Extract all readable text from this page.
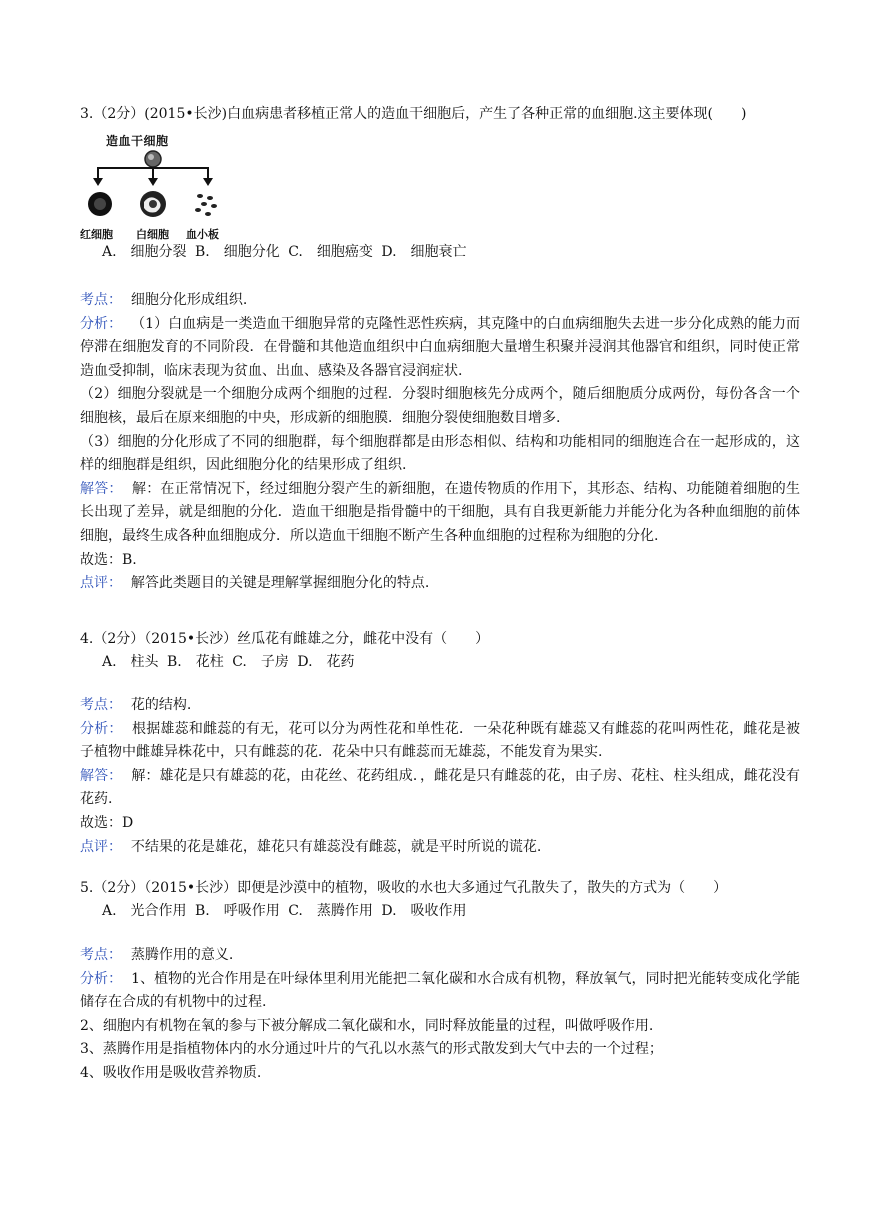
3.（2分）(2015•长沙)白血病患者移植正常人的造血干细胞后，产生了各种正常的血细胞.这主要体现(　　)
造血干细胞
红细胞 白细胞 血小板
A.　细胞分裂 B.　细胞分化 C.　细胞癌变 D.　细胞衰亡
考点： 细胞分化形成组织.
分析： （1）白血病是一类造血干细胞异常的克隆性恶性疾病，其克隆中的白血病细胞失去进一步分化成熟的能力而停滞在细胞发育的不同阶段．在骨髓和其他造血组织中白血病细胞大量增生积聚并浸润其他器官和组织，同时使正常造血受抑制，临床表现为贫血、出血、感染及各器官浸润症状.
（2）细胞分裂就是一个细胞分成两个细胞的过程．分裂时细胞核先分成两个，随后细胞质分成两份，每份各含一个细胞核，最后在原来细胞的中央，形成新的细胞膜．细胞分裂使细胞数目增多.
（3）细胞的分化形成了不同的细胞群，每个细胞群都是由形态相似、结构和功能相同的细胞连合在一起形成的，这样的细胞群是组织，因此细胞分化的结果形成了组织.
解答： 解：在正常情况下，经过细胞分裂产生的新细胞，在遗传物质的作用下，其形态、结构、功能随着细胞的生长出现了差异，就是细胞的分化．造血干细胞是指骨髓中的干细胞，具有自我更新能力并能分化为各种血细胞的前体细胞，最终生成各种血细胞成分．所以造血干细胞不断产生各种血细胞的过程称为细胞的分化.
故选：B.
点评： 解答此类题目的关键是理解掌握细胞分化的特点.
4.（2分）（2015•长沙）丝瓜花有雌雄之分，雌花中没有（　　）
A.　柱头 B.　花柱 C.　子房 D.　花药
考点： 花的结构.
分析： 根据雄蕊和雌蕊的有无，花可以分为两性花和单性花．一朵花种既有雄蕊又有雌蕊的花叫两性花，雌花是被子植物中雌雄异株花中，只有雌蕊的花．花朵中只有雌蕊而无雄蕊，不能发育为果实.
解答： 解：雄花是只有雄蕊的花，由花丝、花药组成．，雌花是只有雌蕊的花，由子房、花柱、柱头组成，雌花没有花药.
故选：D
点评： 不结果的花是雄花，雄花只有雄蕊没有雌蕊，就是平时所说的谎花.
5.（2分）（2015•长沙）即便是沙漠中的植物，吸收的水也大多通过气孔散失了，散失的方式为（　　）
A.　光合作用 B.　呼吸作用 C.　蒸腾作用 D.　吸收作用
考点： 蒸腾作用的意义.
分析： 1、植物的光合作用是在叶绿体里利用光能把二氧化碳和水合成有机物，释放氧气，同时把光能转变成化学能储存在合成的有机物中的过程.
2、细胞内有机物在氧的参与下被分解成二氧化碳和水，同时释放能量的过程，叫做呼吸作用.
3、蒸腾作用是指植物体内的水分通过叶片的气孔以水蒸气的形式散发到大气中去的一个过程；
4、吸收作用是吸收营养物质.
